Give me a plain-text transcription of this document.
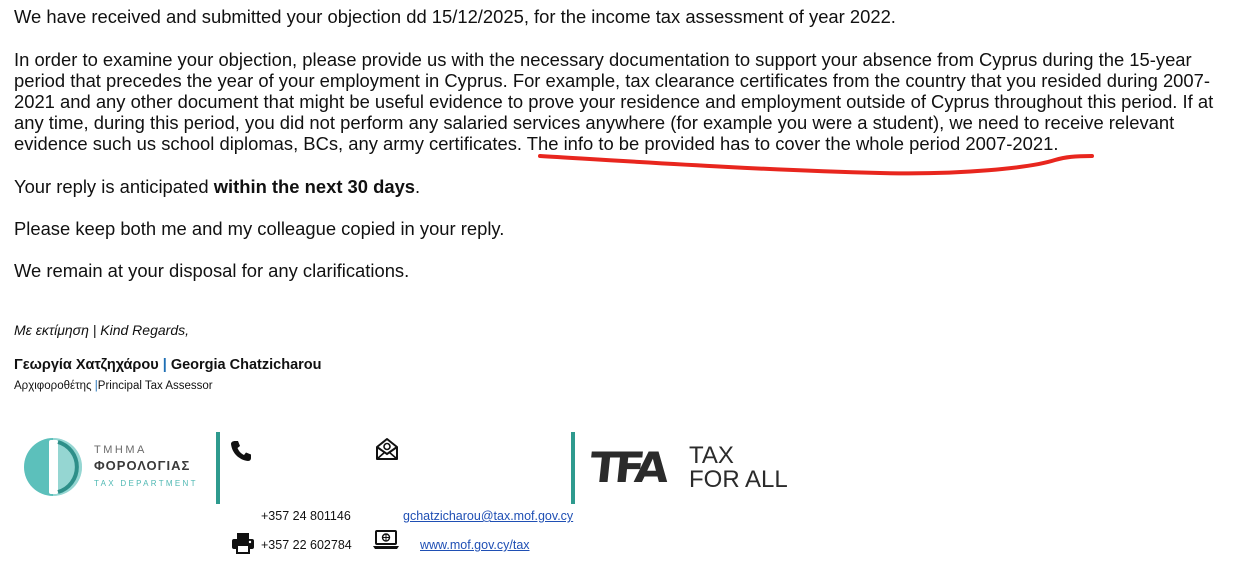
We have received and submitted your objection dd 15/12/2025, for the income tax assessment of year 2022.

In order to examine your objection, please provide us with the necessary documentation to support your absence from Cyprus during the 15-year period that precedes the year of your employment in Cyprus. For example, tax clearance certificates from the country that you resided during 2007-2021 and any other document that might be useful evidence to prove your residence and employment outside of Cyprus throughout this period. If at any time, during this period, you did not perform any salaried services anywhere (for example you were a student), we need to receive relevant evidence such us school diplomas, BCs, any army certificates. The info to be provided has to cover the whole period 2007-2021.

Your reply is anticipated within the next 30 days.

Please keep both me and my colleague copied in your reply.

We remain at your disposal for any clarifications.

Με εκτίμηση | Kind Regards,

Γεωργία Χατζηχάρου | Georgia Chatzicharou

Αρχιφοροθέτης |Principal Tax Assessor

ΤΜΗΜΑ
ΦΟΡΟΛΟΓΙΑΣ
TAX DEPARTMENT

+357 24 801146	gchatzicharou@tax.mof.gov.cy

+357 22 602784	www.mof.gov.cy/tax

TFA TAX
FOR ALL
